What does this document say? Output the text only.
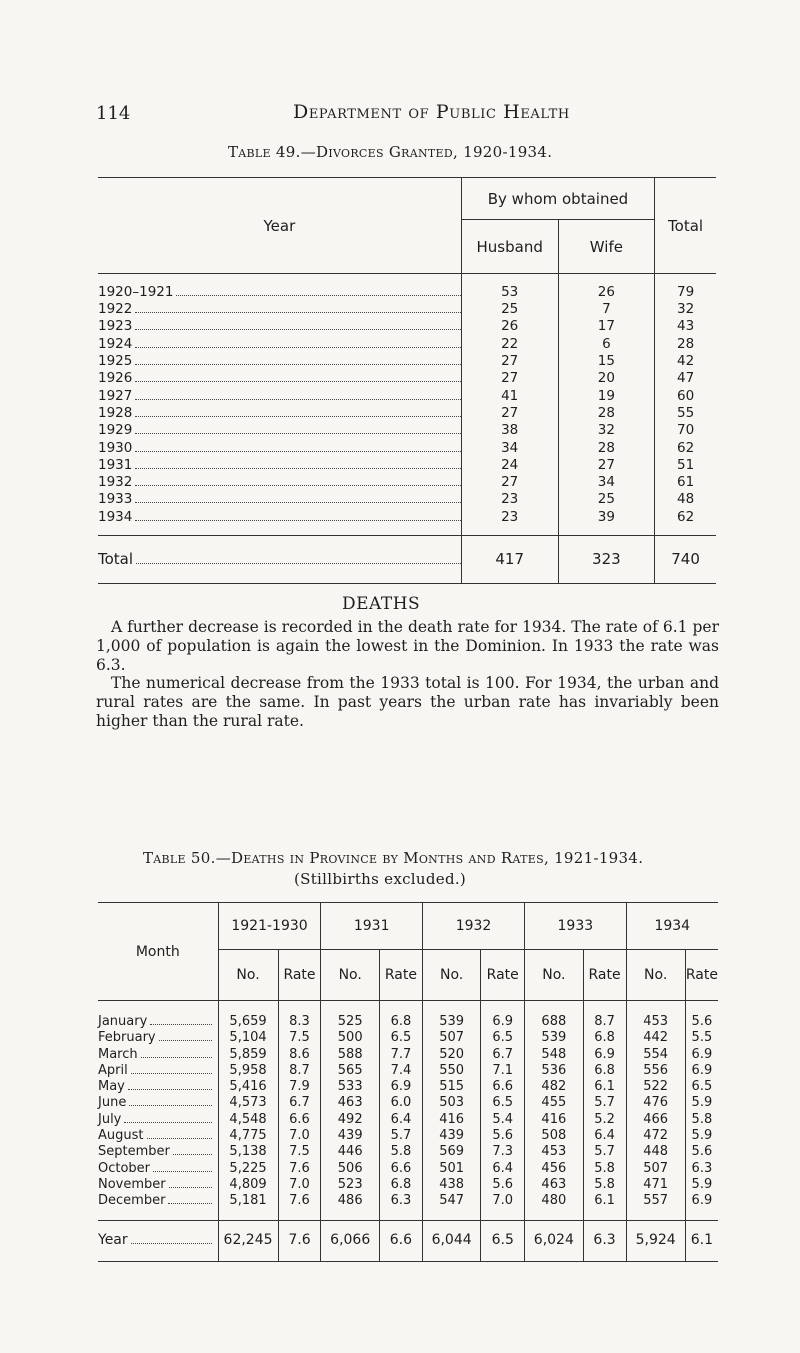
114	Department of Public Health
Table 49.—Divorces Granted, 1920-1934.
Year	By whom obtained		Total
	Husband	Wife	

1920–1921	53	26	79

1922	25	7	32

1923	26	17	43

1924	22	6	28

1925	27	15	42

1926	27	20	47

1927	41	19	60

1928	27	28	55

1929	38	32	70

1930	34	28	62

1931	24	27	51

1932	27	34	61

1933	23	25	48

1934	23	39	62

Total	417	323	740
DEATHS

A further decrease is recorded in the death rate for 1934. The rate of 6.1 per 1,000 of population is again the lowest in the Dominion. In 1933 the rate was 6.3.

The numerical decrease from the 1933 total is 100. For 1934, the urban and rural rates are the same. In past years the urban rate has invariably been higher than the rural rate.

Table 50.—Deaths in Province by Months and Rates, 1921-1934.
(Stillbirths excluded.)
Month	1921-1930		1931		1932		1933		1934	
	No.	Rate	No.	Rate	No.	Rate	No.	Rate	No.	Rate

January	5,659	8.3	525	6.8	539	6.9	688	8.7	453	5.6

February	5,104	7.5	500	6.5	507	6.5	539	6.8	442	5.5

March	5,859	8.6	588	7.7	520	6.7	548	6.9	554	6.9

April	5,958	8.7	565	7.4	550	7.1	536	6.8	556	6.9

May	5,416	7.9	533	6.9	515	6.6	482	6.1	522	6.5

June	4,573	6.7	463	6.0	503	6.5	455	5.7	476	5.9

July	4,548	6.6	492	6.4	416	5.4	416	5.2	466	5.8

August	4,775	7.0	439	5.7	439	5.6	508	6.4	472	5.9

September	5,138	7.5	446	5.8	569	7.3	453	5.7	448	5.6

October	5,225	7.6	506	6.6	501	6.4	456	5.8	507	6.3

November	4,809	7.0	523	6.8	438	5.6	463	5.8	471	5.9

December	5,181	7.6	486	6.3	547	7.0	480	6.1	557	6.9

Year	62,245	7.6	6,066	6.6	6,044	6.5	6,024	6.3	5,924	6.1
